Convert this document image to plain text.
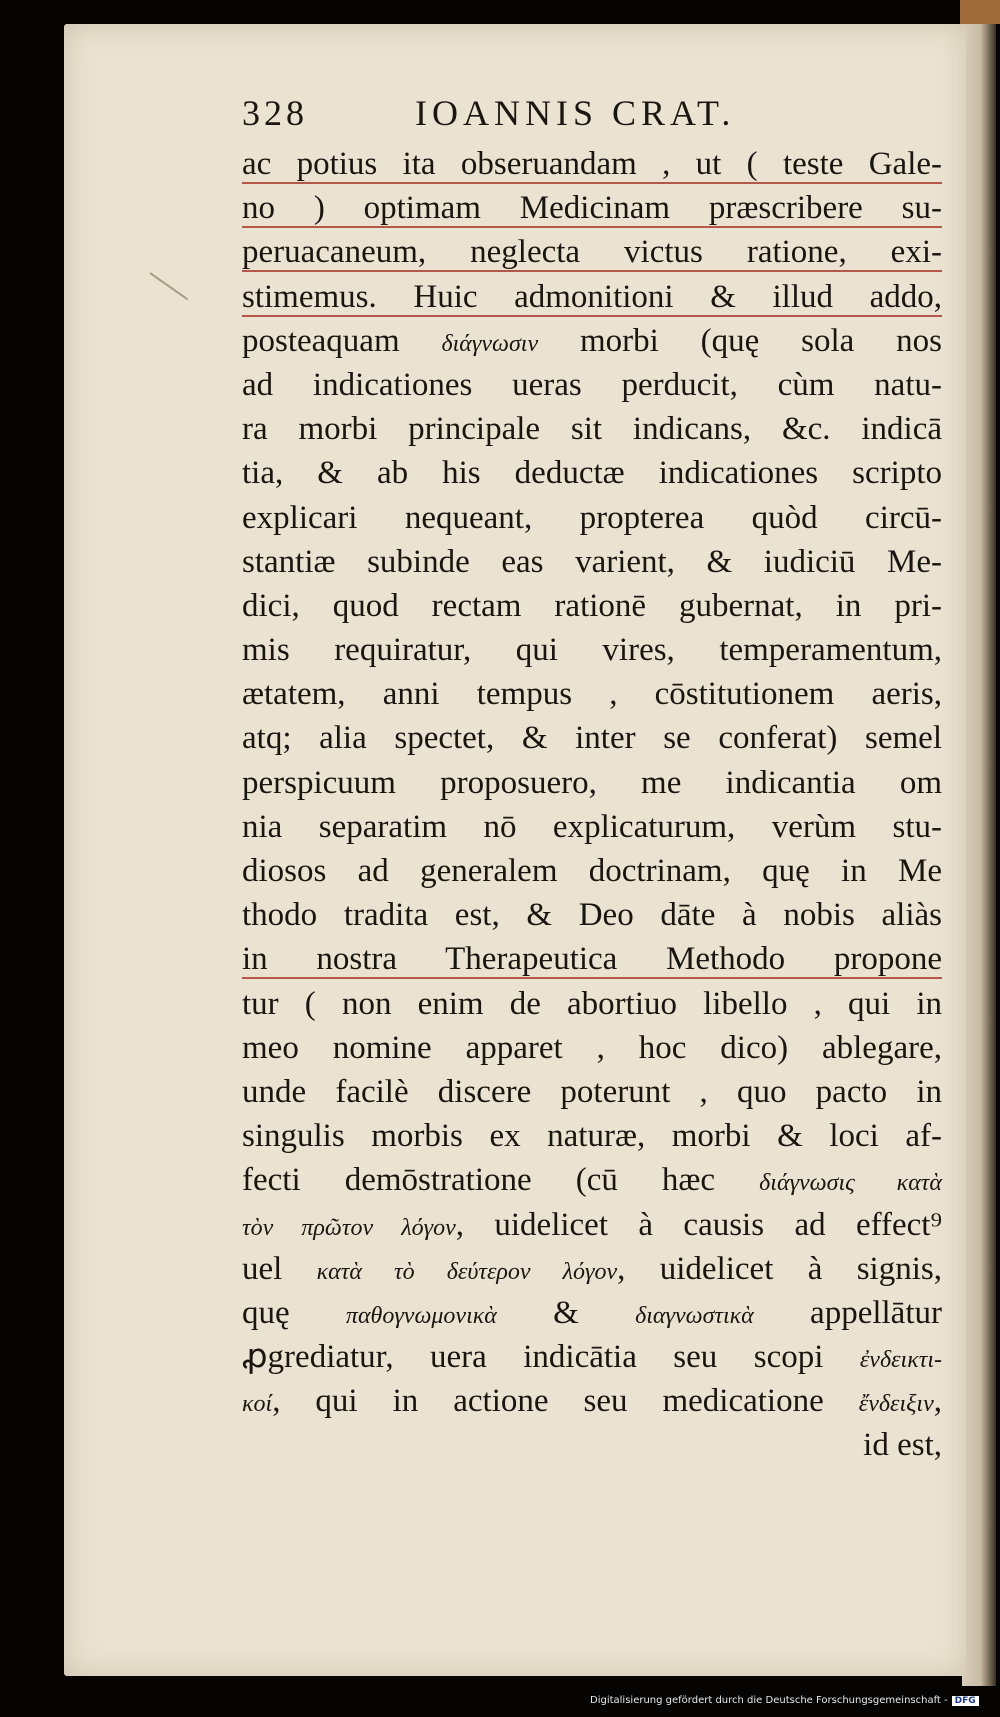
328	IOANNIS CRAT.
ac potius ita obseruandam , ut ( teste Gale-
no ) optimam Medicinam præscribere su-
peruacaneum, neglecta victus ratione, exi-
stimemus. Huic admonitioni & illud addo,
posteaquam διάγνωσιν morbi (quę sola nos
ad indicationes ueras perducit, cùm natu-
ra morbi principale sit indicans, &c. indicā
tia, & ab his deductæ indicationes scripto
explicari nequeant, propterea quòd circū-
stantiæ subinde eas varient, & iudiciū Me-
dici, quod rectam rationē gubernat, in pri-
mis requiratur, qui vires, temperamentum,
ætatem, anni tempus , cōstitutionem aeris,
atq; alia spectet, & inter se conferat) semel
perspicuum proposuero, me indicantia om
nia separatim nō explicaturum, verùm stu-
diosos ad generalem doctrinam, quę in Me
thodo tradita est, & Deo dāte à nobis aliàs
in nostra Therapeutica Methodo propone
tur ( non enim de abortiuo libello , qui in
meo nomine apparet , hoc dico) ablegare,
unde facilè discere poterunt , quo pacto in
singulis morbis ex naturæ, morbi & loci af-
fecti demōstratione (cū hæc διάγνωσις κατὰ
τὸν πρῶτον λόγον, uidelicet à causis ad effect⁹
uel κατὰ τὸ δεύτερον λόγον, uidelicet à signis,
quę παθογνωμονικὰ & διαγνωστικὰ appellātur
ꝓgrediatur, uera indicātia seu scopi ἐνδεικτι-
κοί, qui in actione seu medicatione ἔνδειξιν,
id est,
Digitalisierung gefördert durch die Deutsche Forschungsgemeinschaft - DFG
